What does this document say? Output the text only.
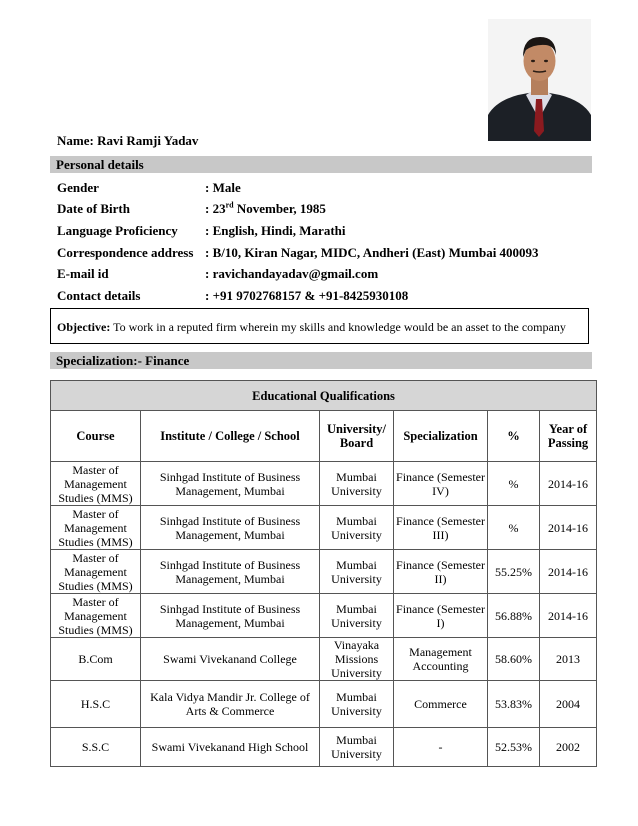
Name: Ravi Ramji Yadav
Personal details
Gender	: Male
Date of Birth	: 23rd November, 1985
Language Proficiency	: English, Hindi, Marathi
Correspondence address : B/10, Kiran Nagar, MIDC, Andheri (East) Mumbai 400093
E-mail id	: ravichandayadav@gmail.com
Contact details	: +91 9702768157 & +91-8425930108
Objective: To work in a reputed firm wherein my skills and knowledge would be an asset to the company
Specialization:- Finance
Educational Qualifications					
Course	Institute / College / School	University/ Board	Specialization	%	Year of Passing
Master of Management Studies (MMS)	Sinhgad Institute of Business Management, Mumbai	Mumbai University	Finance (Semester IV)	%	2014-16
Master of Management Studies (MMS)	Sinhgad Institute of Business Management, Mumbai	Mumbai University	Finance (Semester III)	%	2014-16
Master of Management Studies (MMS)	Sinhgad Institute of Business Management, Mumbai	Mumbai University	Finance (Semester II)	55.25%	2014-16
Master of Management Studies (MMS)	Sinhgad Institute of Business Management, Mumbai	Mumbai University	Finance (Semester I)	56.88%	2014-16
B.Com	Swami Vivekanand College	Vinayaka Missions University	Management Accounting	58.60%	2013
H.S.C	Kala Vidya Mandir Jr. College of Arts & Commerce	Mumbai University	Commerce	53.83%	2004
S.S.C	Swami Vivekanand High School	Mumbai University	-	52.53%	2002
